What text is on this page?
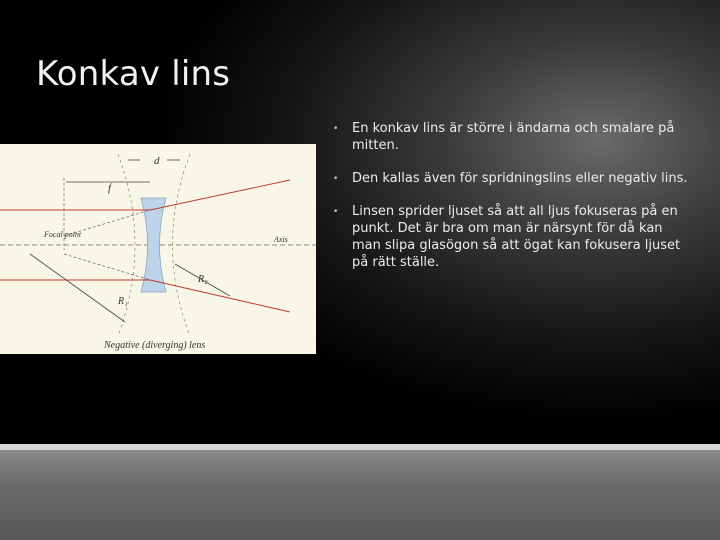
Konkav lins
d
f
Focal point
Axis
R₁
R₂
Negative (diverging) lens
• En konkav lins är större i ändarna och smalare på mitten.
• Den kallas även för spridningslins eller negativ lins.
• Linsen sprider ljuset så att all ljus fokuseras på en punkt. Det är bra om man är närsynt för då kan man slipa glasögon så att ögat kan fokusera ljuset på rätt ställe.
